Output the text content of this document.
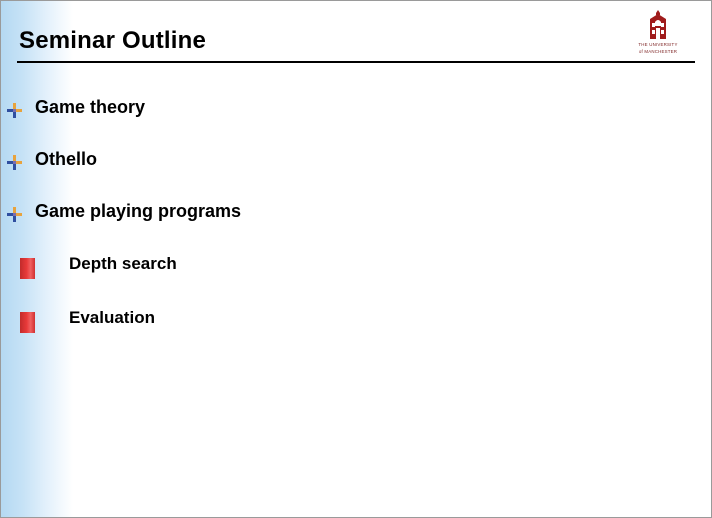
THE UNIVERSITY
of MANCHESTER
Seminar Outline
Game theory
Othello
Game playing programs
Depth search
Evaluation
